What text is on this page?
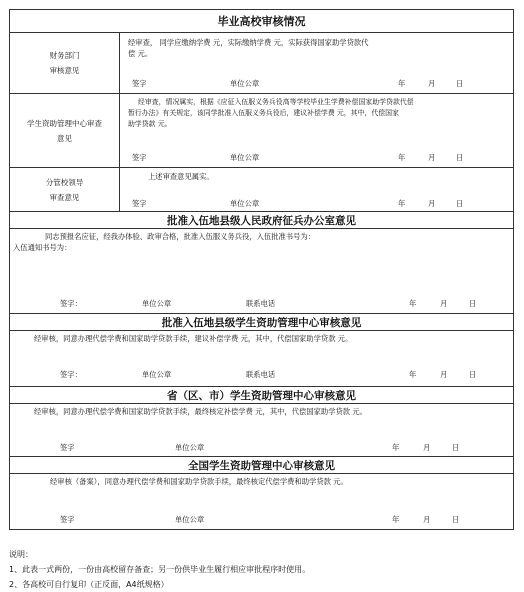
毕业高校审核情况
财务部门
审核意见
经审查， 同学应缴纳学费 元，实际缴纳学费 元，实际获得国家助学贷款代
偿 元。
签字	单位公章	年	月	日
学生资助管理中心审查
意见
经审查，情况属实，根据《应征入伍服义务兵役高等学校毕业生学费补偿国家助学贷款代偿
暂行办法》有关规定，该同学批准入伍服义务兵役后，建议补偿学费 元，其中，代偿国家
助学贷款 元。
签字	单位公章	年	月	日
分管校领导
审查意见
上述审查意见属实。
签字	单位公章	年	月	日
批准入伍地县级人民政府征兵办公室意见
同志预报名应征，经我办体验、政审合格，批准入伍服义务兵役，入伍批准书号为：
入伍通知书号为：
签字：	单位公章	联系电话	年	月	日
批准入伍地县级学生资助管理中心审核意见
经审核，同意办理代偿学费和国家助学贷款手续，建议补偿学费 元，其中，代偿国家助学贷款 元。
签字：	单位公章	联系电话	年	月	日
省（区、市）学生资助管理中心审核意见
经审核，同意办理代偿学费和国家助学贷款手续，最终核定补偿学费 元，其中，代偿国家助学贷款 元。
签字	单位公章	年	月	日
全国学生资助管理中心审核意见
经审核（备案），同意办理代偿学费和国家助学贷款手续，最终核定代偿学费和助学贷款 元。
签字	单位公章	年	月	日
说明：
1、此表一式两份，一份由高校留存备查；另一份供毕业生履行相应审批程序时使用。
2、各高校可自行复印（正反面，A4纸规格）
